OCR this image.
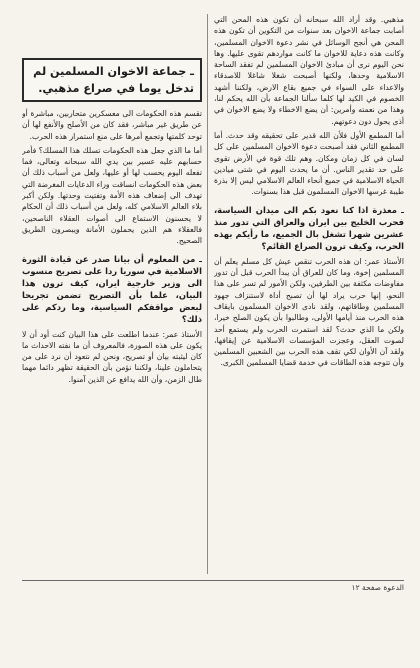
مذهبي. وقد أراد الله سبحانه أن تكون هذه المحن التي أصابت جماعة الاخوان بعد سنوات من التكوين أن تكون هذه المحن هي أنجح الوسائل في نشر دعوة الاخوان المسلمين، وكانت هذه دعاية للاخوان ما كانت مواردهم تقوى عليها. وها نحن اليوم نرى أن مبادئ الاخوان المسلمين لم تفقد الساحة الاسلامية وحدها، ولكنها أصبحت شغلا شاغلا للاصدقاء والاعداء على السواء في جميع بقاع الارض، ولكننا أشهد الخصوم في الكيد لها كلما سألنا الجماعة بأن الله يحكم لنا، وهذا من نعمته وأمرين: أن يضع الاخطاء ولا يضع الاخوان في أذى يحول دون دعوتهم.

أما المطمع الأول فلأن الله قدير على تحقيقه وقد حدث. أما المطمع الثاني فقد أصبحت دعوة الاخوان المسلمين على كل لسان في كل زمان ومكان. وهم تلك قوة في الأرض تقوى على حد تقدير الناس. أن ما يحدث اليوم في شتى ميادين الحياة الاسلامية في جميع أنحاء العالم الاسلامي ليس إلا بذرة طيبة غرسها الاخوان المسلمون قبل هذا بسنوات.

ـ معذرة اذا كنا نعود بكم الى ميدان السياسة، فحرب الخليج بين ايران والعراق التي تدور منذ عشرين شهرا تشغل بال الجميع، ما رأيكم بهذه الحرب، وكيف ترون الصراع القائم؟

الأستاذ عمر: ان هذه الحرب تنقص عيش كل مسلم يعلم أن المسلمين إخوة، وما كان للعراق أن يبدأ الحرب قبل أن تدور مفاوضات مكثفة بين الطرفين، ولكن الأمور لم تسر على هذا النحو، إنها حرب يراد لها أن تصبح أداة لاستنزاف جهود المسلمين وطاقاتهم، ولقد نادى الاخوان المسلمون بايقاف هذه الحرب منذ أيامها الأولى، وطالبوا بأن يكون الصلح خيرا، ولكن ما الذي حدث؟ لقد استمرت الحرب ولم يستمع أحد لصوت العقل، وعجزت المؤسسات الاسلامية عن إيقافها، ولقد آن الأوان لكي تقف هذه الحرب بين الشعبين المسلمين وأن تتوجه هذه الطاقات في خدمة قضايا المسلمين الكبرى.

ـ جماعة الاخوان المسلمين لم تدخل يوما في صراع مذهبي.

تقسم هذه الحكومات الى معسكرين متحاربين، مباشرة أو عن طريق غير مباشر، فقد كان من الأصلح والأنفع لها أن توحد كلمتها وتجمع أمرها على منع استمرار هذه الحرب.

أما ما الذي جعل هذه الحكومات تسلك هذا المسلك؟ فأمر حسابهم عليه عسير بين يدي الله سبحانه وتعالى، فما تفعله اليوم يحسب لها أو عليها، ولعل من أسباب ذلك أن بعض هذه الحكومات انساقت وراء الدعايات المغرضة التي تهدف الى إضعاف هذه الأمة وتفتيت وحدتها. ولكن أكبر بلاء العالم الاسلامي كله، ولعل من أسباب ذلك أن الحكام لا يحسنون الاستماع الى أصوات العقلاء الناصحين، فالعقلاء هم الذين يحملون الأمانة ويبصرون الطريق الصحيح.

ـ من المعلوم أن بيانا صدر عن قيادة الثورة الاسلامية في سوريا ردا على تصريح منسوب الى وزير خارجية ايران، كيف ترون هذا البيان، علما بأن التصريح تضمن تجريحا لبعض مواقفكم السياسية، وما ردكم على ذلك؟

الأستاذ عمر: عندما اطلعت على هذا البيان كنت أود أن لا يكون على هذه الصورة، فالمعروف أن ما نفته الاحداث ما كان ليثبته بيان أو تصريح، ونحن لم نتعود أن نرد على من يتحاملون علينا، ولكننا نؤمن بأن الحقيقة تظهر دائما مهما طال الزمن، وأن الله يدافع عن الذين آمنوا.

الدعوة صفحة ١٢
